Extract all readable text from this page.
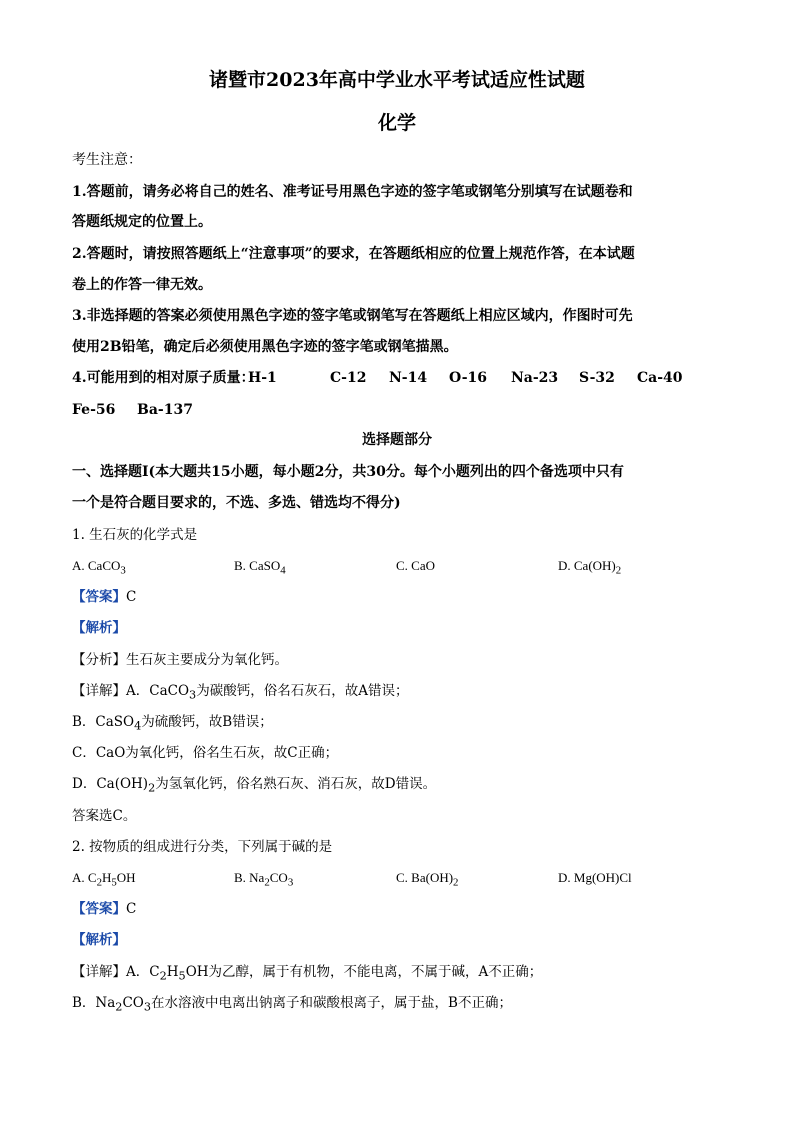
诸暨市2023年高中学业水平考试适应性试题
化学
考生注意：
1.答题前，请务必将自己的姓名、准考证号用黑色字迹的签字笔或钢笔分别填写在试题卷和
答题纸规定的位置上。
2.答题时，请按照答题纸上“注意事项”的要求，在答题纸相应的位置上规范作答，在本试题
卷上的作答一律无效。
3.非选择题的答案必须使用黑色字迹的签字笔或钢笔写在答题纸上相应区域内，作图时可先
使用2B铅笔，确定后必须使用黑色字迹的签字笔或钢笔描黑。
4.可能用到的相对原子质量：
H-1	C-12 N-14 O-16 Na-23 S-32 Ca-40
Fe-56 Ba-137
选择题部分
一、选择题Ⅰ(本大题共15小题，每小题2分，共30分。每个小题列出的四个备选项中只有
一个是符合题目要求的，不选、多选、错选均不得分)
1. 生石灰的化学式是
A. CaCO$_3$	B. CaSO$_4$	C. CaO	D. $Ca(OH)_2$
【答案】C
【解析】
【分析】生石灰主要成分为氧化钙。
【详解】A．CaCO$_3$为碳酸钙，俗名石灰石，故A错误；
B．CaSO$_4$为硫酸钙，故B错误；
C．CaO为氧化钙，俗名生石灰，故C正确；
D．$Ca(OH)_2$为氢氧化钙，俗名熟石灰、消石灰，故D错误。
答案选C。
2. 按物质的组成进行分类，下列属于碱的是
A. $C_2H_5OH$	B. $Na_2CO_3$	C. $Ba(OH)_2$	D. Mg(OH)Cl
【答案】C
【解析】
【详解】A．$C_2H_5OH$为乙醇，属于有机物，不能电离，不属于碱，A不正确；
B．$Na_2CO_3$在水溶液中电离出钠离子和碳酸根离子，属于盐，B不正确；
